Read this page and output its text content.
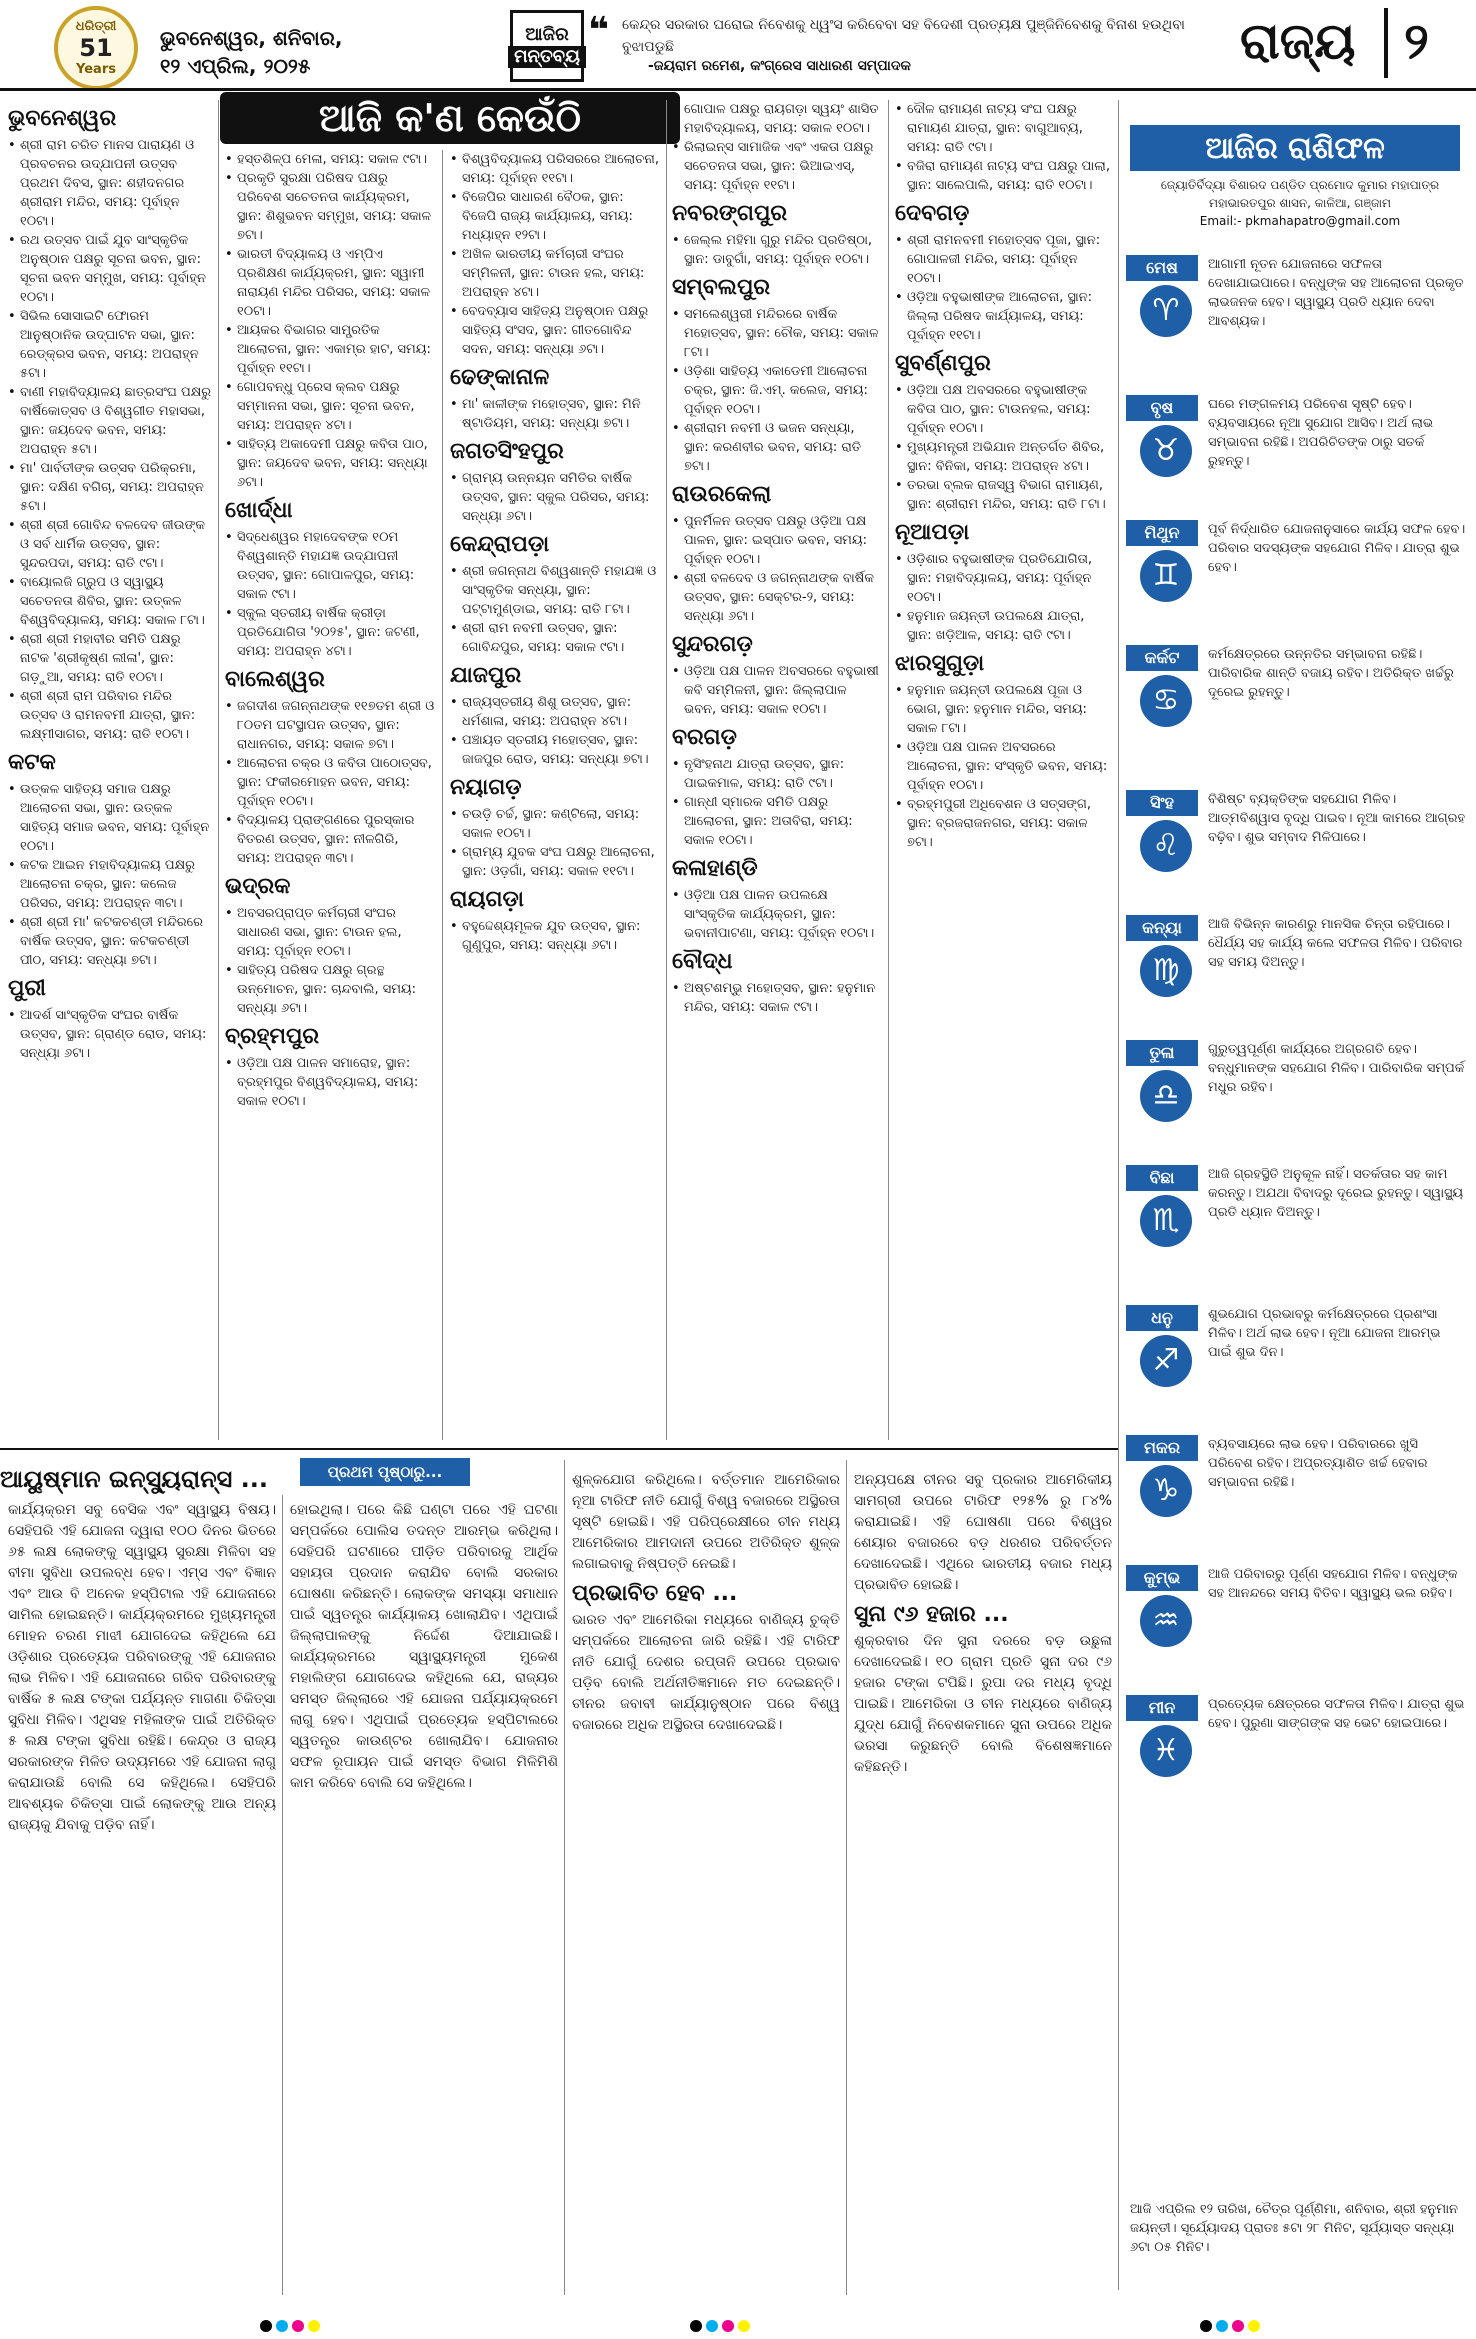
ଧରିତ୍ରୀ
51
Years
ଭୁବନେଶ୍ୱର, ଶନିବାର,
୧୨ ଏପ୍ରିଲ, ୨୦୨୫
ଆଜିର
ମନ୍ତବ୍ୟ
❝ କେନ୍ଦ୍ର ସରକାର ଘରୋଇ ନିବେଶକୁ ଧ୍ୱଂସ କରିବେବା ସହ ବିଦେଶୀ ପ୍ରତ୍ୟକ୍ଷ ପୁଞ୍ଜିନିବେଶକୁ ବିନାଶ ହଉଥିବା ବୁଝାପଡୁଛି
-ଜୟରାମ ରମେଶ, କଂଗ୍ରେସ ସାଧାରଣ ସମ୍ପାଦକ	ରାଜ୍ୟ ୨
ଆଜି କ'ଣ କେଉଁଠି
ଭୁବନେଶ୍ୱର
• ଶ୍ରୀ ରାମ ଚରିତ ମାନସ ପାରାୟଣ ଓ ପ୍ରବଚନର ଉଦ୍‌ଯାପନୀ ଉତ୍ସବ ପ୍ରଥମ ଦିବସ, ସ୍ଥାନ: ଶହୀଦନଗର ଶ୍ରୀରାମ ମନ୍ଦିର, ସମୟ: ପୂର୍ବାହ୍ନ ୧୦ଟା।
• ରଥ ଉତ୍ସବ ପାଇଁ ଯୁବ ସାଂସ୍କୃତିକ ଅନୁଷ୍ଠାନ ପକ୍ଷରୁ ସୂଚନା ଭବନ, ସ୍ଥାନ: ସୂଚନା ଭବନ ସମ୍ମୁଖ, ସମୟ: ପୂର୍ବାହ୍ନ ୧୦ଟା।
• ସିଭିଲ ସୋସାଇଟି ଫୋରମ ଆନୁଷ୍ଠାନିକ ଉଦ୍‌ଘାଟନ ସଭା, ସ୍ଥାନ: ରେଡ୍‌କ୍ରସ ଭବନ, ସମୟ: ଅପରାହ୍ନ ୫ଟା।
• ବାଣୀ ମହାବିଦ୍ୟାଳୟ ଛାତ୍ରସଂଘ ପକ୍ଷରୁ ବାର୍ଷିକୋତ୍ସବ ଓ ବିଶ୍ୱଗୀତ ମହାସଭା, ସ୍ଥାନ: ଜୟଦେବ ଭବନ, ସମୟ: ଅପରାହ୍ନ ୫ଟା।
• ମା' ପାର୍ବତୀଙ୍କ ଉତ୍ସବ ପରିକ୍ରମା, ସ୍ଥାନ: ଦକ୍ଷିଣ ବଗିଚା, ସମୟ: ଅପରାହ୍ନ ୫ଟା।
• ଶ୍ରୀ ଶ୍ରୀ ଗୋବିନ୍ଦ ବଳଦେବ ଜୀଉଙ୍କ ଓ ସର୍ବ ଧାର୍ମିକ ଉତ୍ସବ, ସ୍ଥାନ: ସୁନ୍ଦରପଦା, ସମୟ: ରାତି ୯ଟା।
• ବାୟୋଲଜି ଗ୍ରୁପ ଓ ସ୍ୱାସ୍ଥ୍ୟ ସଚେତନତା ଶିବିର, ସ୍ଥାନ: ଉତ୍କଳ ବିଶ୍ୱବିଦ୍ୟାଳୟ, ସମୟ: ସକାଳ ୮ଟା।
• ଶ୍ରୀ ଶ୍ରୀ ମହାବୀର ସମିତି ପକ୍ଷରୁ ନାଟକ 'ଶ୍ରୀକୃଷ୍ଣ ଲୀଳା', ସ୍ଥାନ: ଗଡ଼ୁଆ, ସମୟ: ରାତି ୧୦ଟା।
• ଶ୍ରୀ ଶ୍ରୀ ରାମ ପରିବାର ମନ୍ଦିର ଉତ୍ସବ ଓ ରାମନବମୀ ଯାତ୍ରା, ସ୍ଥାନ: ଲକ୍ଷ୍ମୀସାଗର, ସମୟ: ରାତି ୧୦ଟା।
କଟକ
• ଉତ୍କଳ ସାହିତ୍ୟ ସମାଜ ପକ୍ଷରୁ ଆଲୋଚନା ସଭା, ସ୍ଥାନ: ଉତ୍କଳ ସାହିତ୍ୟ ସମାଜ ଭବନ, ସମୟ: ପୂର୍ବାହ୍ନ ୧୦ଟା।
• କଟକ ଆଇନ ମହାବିଦ୍ୟାଳୟ ପକ୍ଷରୁ ଆଲୋଚନା ଚକ୍ର, ସ୍ଥାନ: କଲେଜ ପରିସର, ସମୟ: ଅପରାହ୍ନ ୩ଟା।
• ଶ୍ରୀ ଶ୍ରୀ ମା' କଟକଚଣ୍ଡୀ ମନ୍ଦିରରେ ବାର୍ଷିକ ଉତ୍ସବ, ସ୍ଥାନ: କଟକଚଣ୍ଡୀ ପୀଠ, ସମୟ: ସନ୍ଧ୍ୟା ୭ଟା।
ପୁରୀ
• ଆଦର୍ଶ ସାଂସ୍କୃତିକ ସଂଘର ବାର୍ଷିକ ଉତ୍ସବ, ସ୍ଥାନ: ଗ୍ରାଣ୍ଡ ରୋଡ, ସମୟ: ସନ୍ଧ୍ୟା ୬ଟା।
• ହସ୍ତଶିଳ୍ପ ମେଳା, ସମୟ: ସକାଳ ୯ଟା।
• ପ୍ରକୃତି ସୁରକ୍ଷା ପରିଷଦ ପକ୍ଷରୁ ପରିବେଶ ସଚେତନତା କାର୍ଯ୍ୟକ୍ରମ, ସ୍ଥାନ: ଶିଶୁଭବନ ସମ୍ମୁଖ, ସମୟ: ସକାଳ ୭ଟା।
• ଭାରତୀ ବିଦ୍ୟାଳୟ ଓ ଏମ୍‌ପିଏ ପ୍ରଶିକ୍ଷଣ କାର୍ଯ୍ୟକ୍ରମ, ସ୍ଥାନ: ସ୍ୱାମୀ ନାରାୟଣ ମନ୍ଦିର ପରିସର, ସମୟ: ସକାଳ ୧୦ଟା।
• ଆୟକର ବିଭାଗର ସାମ୍ପ୍ରତିକ ଆଲୋଚନା, ସ୍ଥାନ: ଏକାମ୍ର ହାଟ, ସମୟ: ପୂର୍ବାହ୍ନ ୧୧ଟା।
• ଗୋପବନ୍ଧୁ ପ୍ରେସ କ୍ଲବ ପକ୍ଷରୁ ସମ୍ମାନନା ସଭା, ସ୍ଥାନ: ସୂଚନା ଭବନ, ସମୟ: ଅପରାହ୍ନ ୪ଟା।
• ସାହିତ୍ୟ ଅକାଦେମୀ ପକ୍ଷରୁ କବିତା ପାଠ, ସ୍ଥାନ: ଜୟଦେବ ଭବନ, ସମୟ: ସନ୍ଧ୍ୟା ୬ଟା।
ଖୋର୍ଦ୍ଧା
• ସିଦ୍ଧେଶ୍ୱର ମହାଦେବଙ୍କ ୧୦ମ ବିଶ୍ୱଶାନ୍ତି ମହାଯଜ୍ଞ ଉଦ୍‌ଯାପନୀ ଉତ୍ସବ, ସ୍ଥାନ: ଗୋପାଳପୁର, ସମୟ: ସକାଳ ୯ଟା।
• ସ୍କୁଲ ସ୍ତରୀୟ ବାର୍ଷିକ କ୍ରୀଡ଼ା ପ୍ରତିଯୋଗିତା '୨୦୨୫', ସ୍ଥାନ: ଜଟଣୀ, ସମୟ: ଅପରାହ୍ନ ୪ଟା।
ବାଲେଶ୍ୱର
• ଜଗଦୀଶ ଜଗନ୍ନାଥଙ୍କ ୧୧୭ତମ ଶ୍ରୀ ଓ ୮୦ତମ ଘଟସ୍ଥାପନ ଉତ୍ସବ, ସ୍ଥାନ: ରାଧାନଗର, ସମୟ: ସକାଳ ୭ଟା।
• ଆଲୋଚନା ଚକ୍ର ଓ କବିତା ପାଠୋତ୍ସବ, ସ୍ଥାନ: ଫକୀରମୋହନ ଭବନ, ସମୟ: ପୂର୍ବାହ୍ନ ୧୦ଟା।
• ବିଦ୍ୟାଳୟ ପ୍ରାଙ୍ଗଣରେ ପୁରସ୍କାର ବିତରଣ ଉତ୍ସବ, ସ୍ଥାନ: ନୀଳଗିରି, ସମୟ: ଅପରାହ୍ନ ୩ଟା।
ଭଦ୍ରକ
• ଅବସରପ୍ରାପ୍ତ କର୍ମଚାରୀ ସଂଘର ସାଧାରଣ ସଭା, ସ୍ଥାନ: ଟାଉନ ହଲ, ସମୟ: ପୂର୍ବାହ୍ନ ୧୦ଟା।
• ସାହିତ୍ୟ ପରିଷଦ ପକ୍ଷରୁ ଗ୍ରନ୍ଥ ଉନ୍ମୋଚନ, ସ୍ଥାନ: ଚାନ୍ଦବାଲି, ସମୟ: ସନ୍ଧ୍ୟା ୬ଟା।
ବ୍ରହ୍ମପୁର
• ଓଡ଼ିଆ ପକ୍ଷ ପାଳନ ସମାରୋହ, ସ୍ଥାନ: ବ୍ରହ୍ମପୁର ବିଶ୍ୱବିଦ୍ୟାଳୟ, ସମୟ: ସକାଳ ୧୦ଟା।
• ବିଶ୍ୱବିଦ୍ୟାଳୟ ପରିସରରେ ଆଲୋଚନା, ସମୟ: ପୂର୍ବାହ୍ନ ୧୧ଟା।
• ବିଜେପିର ସାଧାରଣ ବୈଠକ, ସ୍ଥାନ: ବିଜେପି ରାଜ୍ୟ କାର୍ଯ୍ୟାଳୟ, ସମୟ: ମଧ୍ୟାହ୍ନ ୧୨ଟା।
• ଅଖିଳ ଭାରତୀୟ କର୍ମଚାରୀ ସଂଘର ସମ୍ମିଳନୀ, ସ୍ଥାନ: ଟାଉନ ହଲ, ସମୟ: ଅପରାହ୍ନ ୪ଟା।
• ବେଦବ୍ୟାସ ସାହିତ୍ୟ ଅନୁଷ୍ଠାନ ପକ୍ଷରୁ ସାହିତ୍ୟ ସଂସଦ, ସ୍ଥାନ: ଗୀତଗୋବିନ୍ଦ ସଦନ, ସମୟ: ସନ୍ଧ୍ୟା ୬ଟା।
ଢେଙ୍କାନାଳ
• ମା' କାଳୀଙ୍କ ମହୋତ୍ସବ, ସ୍ଥାନ: ମିନି ଷ୍ଟାଡିୟମ, ସମୟ: ସନ୍ଧ୍ୟା ୭ଟା।
ଜଗତସିଂହପୁର
• ଗ୍ରାମ୍ୟ ଉନ୍ନୟନ ସମିତିର ବାର୍ଷିକ ଉତ୍ସବ, ସ୍ଥାନ: ସ୍କୁଲ ପରିସର, ସମୟ: ସନ୍ଧ୍ୟା ୬ଟା।
କେନ୍ଦ୍ରାପଡ଼ା
• ଶ୍ରୀ ଜଗନ୍ନାଥ ବିଶ୍ୱଶାନ୍ତି ମହାଯଜ୍ଞ ଓ ସାଂସ୍କୃତିକ ସନ୍ଧ୍ୟା, ସ୍ଥାନ: ପଟ୍ଟାମୁଣ୍ଡାଇ, ସମୟ: ରାତି ୮ଟା।
• ଶ୍ରୀ ରାମ ନବମୀ ଉତ୍ସବ, ସ୍ଥାନ: ଗୋବିନ୍ଦପୁର, ସମୟ: ସକାଳ ୯ଟା।
ଯାଜପୁର
• ରାଜ୍ୟସ୍ତରୀୟ ଶିଶୁ ଉତ୍ସବ, ସ୍ଥାନ: ଧର୍ମଶାଳା, ସମୟ: ଅପରାହ୍ନ ୪ଟା।
• ପଞ୍ଚାୟତ ସ୍ତରୀୟ ମହୋତ୍ସବ, ସ୍ଥାନ: ଜାଜପୁର ରୋଡ, ସମୟ: ସନ୍ଧ୍ୟା ୭ଟା।
ନୟାଗଡ଼
• ଚଉଡ଼ି ଚର୍ଚ୍ଚ, ସ୍ଥାନ: କଣ୍ଟିଲୋ, ସମୟ: ସକାଳ ୧୦ଟା।
• ଗ୍ରାମ୍ୟ ଯୁବକ ସଂଘ ପକ୍ଷରୁ ଆଲୋଚନା, ସ୍ଥାନ: ଓଡ଼ଗାଁ, ସମୟ: ସକାଳ ୧୧ଟା।
ରାୟଗଡ଼ା
• ବହୁଦ୍ଦେଶ୍ୟମୂଳକ ଯୁବ ଉତ୍ସବ, ସ୍ଥାନ: ଗୁଣୁପୁର, ସମୟ: ସନ୍ଧ୍ୟା ୬ଟା।
• ଗୋପାଳ ପକ୍ଷରୁ ରାୟଗଡ଼ା ସ୍ୱୟଂ ଶାସିତ ମହାବିଦ୍ୟାଳୟ, ସମୟ: ସକାଳ ୧୦ଟା।
• ରିଲାଇନ୍ସ ସାମାଜିକ ଏବଂ ଏକତା ପକ୍ଷରୁ ସଚେତନତା ସଭା, ସ୍ଥାନ: ଭିଆଇଏସ୍, ସମୟ: ପୂର୍ବାହ୍ନ ୧୧ଟା।
ନବରଙ୍ଗପୁର
• ଜେଲ୍ଲ ମହିମା ଗୁରୁ ମନ୍ଦିର ପ୍ରତିଷ୍ଠା, ସ୍ଥାନ: ଡାବୁଗାଁ, ସମୟ: ପୂର୍ବାହ୍ନ ୧୦ଟା।
ସମ୍ବଲପୁର
• ସମଲେଶ୍ୱରୀ ମନ୍ଦିରରେ ବାର୍ଷିକ ମହୋତ୍ସବ, ସ୍ଥାନ: ଚୌକ, ସମୟ: ସକାଳ ୮ଟା।
• ଓଡ଼ିଶା ସାହିତ୍ୟ ଏକାଡେମୀ ଆଲୋଚନା ଚକ୍ର, ସ୍ଥାନ: ଜି.ଏମ୍. କଲେଜ, ସମୟ: ପୂର୍ବାହ୍ନ ୧୦ଟା।
• ଶ୍ରୀରାମ ନବମୀ ଓ ଭଜନ ସନ୍ଧ୍ୟା, ସ୍ଥାନ: କରଣବୀର ଭବନ, ସମୟ: ରାତି ୭ଟା।
ରାଉରକେଲା
• ପୁନର୍ମିଳନ ଉତ୍ସବ ପକ୍ଷରୁ ଓଡ଼ିଆ ପକ୍ଷ ପାଳନ, ସ୍ଥାନ: ଇସ୍ପାତ ଭବନ, ସମୟ: ପୂର୍ବାହ୍ନ ୧୦ଟା।
• ଶ୍ରୀ ବଳଦେବ ଓ ଜଗନ୍ନାଥଙ୍କ ବାର୍ଷିକ ଉତ୍ସବ, ସ୍ଥାନ: ସେକ୍ଟର-୨, ସମୟ: ସନ୍ଧ୍ୟା ୬ଟା।
ସୁନ୍ଦରଗଡ଼
• ଓଡ଼ିଆ ପକ୍ଷ ପାଳନ ଅବସରରେ ବହୁଭାଷୀ କବି ସମ୍ମିଳନୀ, ସ୍ଥାନ: ଜିଲ୍ଲାପାଳ ଭବନ, ସମୟ: ସକାଳ ୧୦ଟା।
ବରଗଡ଼
• ନୃସିଂହନାଥ ଯାତ୍ରା ଉତ୍ସବ, ସ୍ଥାନ: ପାଇକମାଳ, ସମୟ: ରାତି ୯ଟା।
• ଗାନ୍ଧୀ ସ୍ମାରକ ସମିତି ପକ୍ଷରୁ ଆଲୋଚନା, ସ୍ଥାନ: ଅତାବିରା, ସମୟ: ସକାଳ ୧୦ଟା।
କଳାହାଣ୍ଡି
• ଓଡ଼ିଆ ପକ୍ଷ ପାଳନ ଉପଲକ୍ଷେ ସାଂସ୍କୃତିକ କାର୍ଯ୍ୟକ୍ରମ, ସ୍ଥାନ: ଭବାନୀପାଟଣା, ସମୟ: ପୂର୍ବାହ୍ନ ୧୦ଟା।
ବୌଦ୍ଧ
• ଅଷ୍ଟଶମ୍ଭୁ ମହୋତ୍ସବ, ସ୍ଥାନ: ହନୁମାନ ମନ୍ଦିର, ସମୟ: ସକାଳ ୯ଟା।
• ଦୌଳ ରାମାୟଣ ନାଟ୍ୟ ସଂଘ ପକ୍ଷରୁ ରାମାୟଣ ଯାତ୍ରା, ସ୍ଥାନ: ବାଗୁଆବ୍ୟ, ସମୟ: ରାତି ୯ଟା।
• ବଜିରା ରାମାୟଣ ନାଟ୍ୟ ସଂଘ ପକ୍ଷରୁ ପାଲା, ସ୍ଥାନ: ସାଲେପାଲି, ସମୟ: ରାତି ୧୦ଟା।
ଦେବଗଡ଼
• ଶ୍ରୀ ରାମନବମୀ ମହୋତ୍ସବ ପୂଜା, ସ୍ଥାନ: ଗୋପାଳଜୀ ମନ୍ଦିର, ସମୟ: ପୂର୍ବାହ୍ନ ୧୦ଟା।
• ଓଡ଼ିଆ ବହୁଭାଷୀଙ୍କ ଆଲୋଚନା, ସ୍ଥାନ: ଜିଲ୍ଲା ପରିଷଦ କାର୍ଯ୍ୟାଳୟ, ସମୟ: ପୂର୍ବାହ୍ନ ୧୧ଟା।
ସୁବର୍ଣ୍ଣପୁର
• ଓଡ଼ିଆ ପକ୍ଷ ଅବସରରେ ବହୁଭାଷୀଙ୍କ କବିତା ପାଠ, ସ୍ଥାନ: ଟାଉନହଲ, ସମୟ: ପୂର୍ବାହ୍ନ ୧୦ଟା।
• ମୁଖ୍ୟମନ୍ତ୍ରୀ ଅଭିଯାନ ଅନ୍ତର୍ଗତ ଶିବିର, ସ୍ଥାନ: ବିନିକା, ସମୟ: ଅପରାହ୍ନ ୪ଟା।
• ତରଭା ବ୍ଲକ ରାଜସ୍ୱ ବିଭାଗ ରାମାୟଣ, ସ୍ଥାନ: ଶ୍ରୀରାମ ମନ୍ଦିର, ସମୟ: ରାତି ୮ଟା।
ନୂଆପଡ଼ା
• ଓଡ଼ିଶାର ବହୁଭାଷୀଙ୍କ ପ୍ରତିଯୋଗିତା, ସ୍ଥାନ: ମହାବିଦ୍ୟାଳୟ, ସମୟ: ପୂର୍ବାହ୍ନ ୧୦ଟା।
• ହନୁମାନ ଜୟନ୍ତୀ ଉପଲକ୍ଷେ ଯାତ୍ରା, ସ୍ଥାନ: ଖଡ଼ିଆଳ, ସମୟ: ରାତି ୯ଟା।
ଝାରସୁଗୁଡ଼ା
• ହନୁମାନ ଜୟନ୍ତୀ ଉପଲକ୍ଷେ ପୂଜା ଓ ଭୋଗ, ସ୍ଥାନ: ହନୁମାନ ମନ୍ଦିର, ସମୟ: ସକାଳ ୮ଟା।
• ଓଡ଼ିଆ ପକ୍ଷ ପାଳନ ଅବସରରେ ଆଲୋଚନା, ସ୍ଥାନ: ସଂସ୍କୃତି ଭବନ, ସମୟ: ପୂର୍ବାହ୍ନ ୧୦ଟା।
• ବ୍ରହ୍ମପୁରୀ ଅଧିବେଶନ ଓ ସତ୍‌ସଙ୍ଗ, ସ୍ଥାନ: ବ୍ରଜରାଜନଗର, ସମୟ: ସକାଳ ୭ଟା।
ଆଜିର ରାଶିଫଳ
ଜ୍ୟୋତିର୍ବିଦ୍ୟା ବିଶାରଦ ପଣ୍ଡିତ ପ୍ରମୋଦ କୁମାର ମହାପାତ୍ର
ମହାଭାରତପୁର ଶାସନ, କାଳିଆ, ଗଞ୍ଜାମ
Email:- pkmahapatro@gmail.com
ମେଷ
♈
ଆଗାମୀ ନୂତନ ଯୋଜନାରେ ସଫଳତା ଦେଖାଯାଇପାରେ। ବନ୍ଧୁଙ୍କ ସହ ଆଲୋଚନା ପ୍ରକୃତ ଲାଭଜନକ ହେବ। ସ୍ୱାସ୍ଥ୍ୟ ପ୍ରତି ଧ୍ୟାନ ଦେବା ଆବଶ୍ୟକ।
ବୃଷ
♉
ଘରେ ମଙ୍ଗଳମୟ ପରିବେଶ ସୃଷ୍ଟି ହେବ। ବ୍ୟବସାୟରେ ନୂଆ ସୁଯୋଗ ଆସିବ। ଅର୍ଥ ଲାଭ ସମ୍ଭାବନା ରହିଛି। ଅପରିଚିତଙ୍କ ଠାରୁ ସତର୍କ ରୁହନ୍ତୁ।
ମିଥୁନ
♊
ପୂର୍ବ ନିର୍ଦ୍ଧାରିତ ଯୋଜନାନୁସାରେ କାର୍ଯ୍ୟ ସଫଳ ହେବ। ପରିବାର ସଦସ୍ୟଙ୍କ ସହଯୋଗ ମିଳିବ। ଯାତ୍ରା ଶୁଭ ହେବ।
କର୍କଟ
♋
କର୍ମକ୍ଷେତ୍ରରେ ଉନ୍ନତିର ସମ୍ଭାବନା ରହିଛି। ପାରିବାରିକ ଶାନ୍ତି ବଜାୟ ରହିବ। ଅତିରିକ୍ତ ଖର୍ଚ୍ଚରୁ ଦୂରେଇ ରୁହନ୍ତୁ।
ସିଂହ
♌
ବିଶିଷ୍ଟ ବ୍ୟକ୍ତିଙ୍କ ସହଯୋଗ ମିଳିବ। ଆତ୍ମବିଶ୍ୱାସ ବୃଦ୍ଧି ପାଇବ। ନୂଆ କାମରେ ଆଗ୍ରହ ବଢ଼ିବ। ଶୁଭ ସମ୍ବାଦ ମିଳିପାରେ।
କନ୍ୟା
♍
ଆଜି ବିଭିନ୍ନ କାରଣରୁ ମାନସିକ ଚିନ୍ତା ରହିପାରେ। ଧୈର୍ଯ୍ୟ ସହ କାର୍ଯ୍ୟ କଲେ ସଫଳତା ମିଳିବ। ପରିବାର ସହ ସମୟ ଦିଅନ୍ତୁ।
ତୁଳା
♎
ଗୁରୁତ୍ୱପୂର୍ଣ୍ଣ କାର୍ଯ୍ୟରେ ଅଗ୍ରଗତି ହେବ। ବନ୍ଧୁମାନଙ୍କ ସହଯୋଗ ମିଳିବ। ପାରିବାରିକ ସମ୍ପର୍କ ମଧୁର ରହିବ।
ବିଛା
♏
ଆଜି ଗ୍ରହସ୍ଥିତି ଅନୁକୂଳ ନାହିଁ। ସତର୍କତାର ସହ କାମ କରନ୍ତୁ। ଅଯଥା ବିବାଦରୁ ଦୂରେଇ ରୁହନ୍ତୁ। ସ୍ୱାସ୍ଥ୍ୟ ପ୍ରତି ଧ୍ୟାନ ଦିଅନ୍ତୁ।
ଧନୁ
♐
ଶୁଭଯୋଗ ପ୍ରଭାବରୁ କର୍ମକ୍ଷେତ୍ରରେ ପ୍ରଶଂସା ମିଳିବ। ଅର୍ଥ ଲାଭ ହେବ। ନୂଆ ଯୋଜନା ଆରମ୍ଭ ପାଇଁ ଶୁଭ ଦିନ।
ମକର
♑
ବ୍ୟବସାୟରେ ଲାଭ ହେବ। ପରିବାରରେ ଖୁସି ପରିବେଶ ରହିବ। ଅପ୍ରତ୍ୟାଶିତ ଖର୍ଚ୍ଚ ହେବାର ସମ୍ଭାବନା ରହିଛି।
କୁମ୍ଭ
♒
ଆଜି ପରିବାରରୁ ପୂର୍ଣ୍ଣ ସହଯୋଗ ମିଳିବ। ବନ୍ଧୁଙ୍କ ସହ ଆନନ୍ଦରେ ସମୟ ବିତିବ। ସ୍ୱାସ୍ଥ୍ୟ ଭଲ ରହିବ।
ମୀନ
♓
ପ୍ରତ୍ୟେକ କ୍ଷେତ୍ରରେ ସଫଳତା ମିଳିବ। ଯାତ୍ରା ଶୁଭ ହେବ। ପୁରୁଣା ସାଙ୍ଗଙ୍କ ସହ ଭେଟ ହୋଇପାରେ।
ଆଜି ଏପ୍ରିଲ ୧୨ ତାରିଖ, ଚୈତ୍ର ପୂର୍ଣ୍ଣିମା, ଶନିବାର, ଶ୍ରୀ ହନୁମାନ ଜୟନ୍ତୀ। ସୂର୍ଯ୍ୟୋଦୟ ପ୍ରାତଃ ୫ଟା ୨୮ ମିନିଟ, ସୂର୍ଯ୍ୟାସ୍ତ ସନ୍ଧ୍ୟା ୬ଟା ୦୫ ମିନିଟ।
ଆୟୁଷ୍ମାନ ଇନ୍ସ୍ୟୁରାନ୍ସ ...	ପ୍ରଥମ ପୃଷ୍ଠାରୁ...

କାର୍ଯ୍ୟକ୍ରମ ସବୁ ବେସିକ ଏବଂ ସ୍ୱାସ୍ଥ୍ୟ ବିଷୟ। ସେହିପରି ଏହି ଯୋଜନା ଦ୍ୱାରା ୧୦୦ ଦିନର ଭିତରେ ୬୫ ଲକ୍ଷ ଲୋକଙ୍କୁ ସ୍ୱାସ୍ଥ୍ୟ ସୁରକ୍ଷା ମିଳିବା ସହ ବୀମା ସୁବିଧା ଉପଲବ୍ଧ ହେବ। ଏମ୍ସ ଏବଂ ବିଜ୍ଞାନ ଏବଂ ଆଉ ବି ଅନେକ ହସ୍ପିଟାଲ ଏହି ଯୋଜନାରେ ସାମିଲ ହୋଇଛନ୍ତି। କାର୍ଯ୍ୟକ୍ରମରେ ମୁଖ୍ୟମନ୍ତ୍ରୀ ମୋହନ ଚରଣ ମାଝୀ ଯୋଗଦେଇ କହିଥିଲେ ଯେ ଓଡ଼ିଶାର ପ୍ରତ୍ୟେକ ପରିବାରଙ୍କୁ ଏହି ଯୋଜନାର ଲାଭ ମିଳିବ। ଏହି ଯୋଜନାରେ ଗରିବ ପରିବାରଙ୍କୁ ବାର୍ଷିକ ୫ ଲକ୍ଷ ଟଙ୍କା ପର୍ଯ୍ୟନ୍ତ ମାଗଣା ଚିକିତ୍ସା ସୁବିଧା ମିଳିବ। ଏଥିସହ ମହିଳାଙ୍କ ପାଇଁ ଅତିରିକ୍ତ ୫ ଲକ୍ଷ ଟଙ୍କା ସୁବିଧା ରହିଛି। କେନ୍ଦ୍ର ଓ ରାଜ୍ୟ ସରକାରଙ୍କ ମିଳିତ ଉଦ୍ୟମରେ ଏହି ଯୋଜନା ଲାଗୁ କରାଯାଉଛି ବୋଲି ସେ କହିଥିଲେ। ସେହିପରି ଆବଶ୍ୟକ ଚିକିତ୍ସା ପାଇଁ ଲୋକଙ୍କୁ ଆଉ ଅନ୍ୟ ରାଜ୍ୟକୁ ଯିବାକୁ ପଡ଼ିବ ନାହିଁ।

ହୋଇଥିଲା। ପରେ କିଛି ଘଣ୍ଟା ପରେ ଏହି ଘଟଣା ସମ୍ପର୍କରେ ପୋଲିସ ତଦନ୍ତ ଆରମ୍ଭ କରିଥିଲା। ସେହିପରି ଘଟଣାରେ ପୀଡ଼ିତ ପରିବାରକୁ ଆର୍ଥିକ ସହାୟତା ପ୍ରଦାନ କରାଯିବ ବୋଲି ସରକାର ଘୋଷଣା କରିଛନ୍ତି। ଲୋକଙ୍କ ସମସ୍ୟା ସମାଧାନ ପାଇଁ ସ୍ୱତନ୍ତ୍ର କାର୍ଯ୍ୟାଳୟ ଖୋଲାଯିବ। ଏଥିପାଇଁ ଜିଲ୍ଲାପାଳଙ୍କୁ ନିର୍ଦ୍ଦେଶ ଦିଆଯାଇଛି। କାର୍ଯ୍ୟକ୍ରମରେ ସ୍ୱାସ୍ଥ୍ୟମନ୍ତ୍ରୀ ମୁକେଶ ମହାଲିଙ୍ଗ ଯୋଗଦେଇ କହିଥିଲେ ଯେ, ରାଜ୍ୟର ସମସ୍ତ ଜିଲ୍ଲାରେ ଏହି ଯୋଜନା ପର୍ଯ୍ୟାୟକ୍ରମେ ଲାଗୁ ହେବ। ଏଥିପାଇଁ ପ୍ରତ୍ୟେକ ହସ୍ପିଟାଲରେ ସ୍ୱତନ୍ତ୍ର କାଉଣ୍ଟର ଖୋଲାଯିବ। ଯୋଜନାର ସଫଳ ରୂପାୟନ ପାଇଁ ସମସ୍ତ ବିଭାଗ ମିଳିମିଶି କାମ କରିବେ ବୋଲି ସେ କହିଥିଲେ।

ଶୁଳ୍କଯୋଗ କରିଥିଲେ। ବର୍ତ୍ତମାନ ଆମେରିକାର ନୂଆ ଟାରିଫ ନୀତି ଯୋଗୁଁ ବିଶ୍ୱ ବଜାରରେ ଅସ୍ଥିରତା ସୃଷ୍ଟି ହୋଇଛି। ଏହି ପରିପ୍ରେକ୍ଷୀରେ ଚୀନ ମଧ୍ୟ ଆମେରିକାର ଆମଦାନୀ ଉପରେ ଅତିରିକ୍ତ ଶୁଳ୍କ ଲଗାଇବାକୁ ନିଷ୍ପତ୍ତି ନେଇଛି।

ପ୍ରଭାବିତ ହେବ ...

ଭାରତ ଏବଂ ଆମେରିକା ମଧ୍ୟରେ ବାଣିଜ୍ୟ ଚୁକ୍ତି ସମ୍ପର୍କରେ ଆଲୋଚନା ଜାରି ରହିଛି। ଏହି ଟାରିଫ ନୀତି ଯୋଗୁଁ ଦେଶର ରପ୍ତାନି ଉପରେ ପ୍ରଭାବ ପଡ଼ିବ ବୋଲି ଅର୍ଥନୀତିଜ୍ଞମାନେ ମତ ଦେଇଛନ୍ତି। ଚୀନର ଜବାବୀ କାର୍ଯ୍ୟାନୁଷ୍ଠାନ ପରେ ବିଶ୍ୱ ବଜାରରେ ଅଧିକ ଅସ୍ଥିରତା ଦେଖାଦେଇଛି।

ଅନ୍ୟପକ୍ଷେ ଚୀନର ସବୁ ପ୍ରକାର ଆମେରିକୀୟ ସାମଗ୍ରୀ ଉପରେ ଟାରିଫ ୧୨୫% ରୁ ୮୪% କରାଯାଇଛି। ଏହି ଘୋଷଣା ପରେ ବିଶ୍ୱର ଶେୟାର ବଜାରରେ ବଡ଼ ଧରଣର ପରିବର୍ତ୍ତନ ଦେଖାଦେଇଛି। ଏଥିରେ ଭାରତୀୟ ବଜାର ମଧ୍ୟ ପ୍ରଭାବିତ ହୋଇଛି।

ସୁନା ୯୬ ହଜାର ...

ଶୁକ୍ରବାର ଦିନ ସୁନା ଦରରେ ବଡ଼ ଉଛୁଳା ଦେଖାଦେଇଛି। ୧୦ ଗ୍ରାମ ପ୍ରତି ସୁନା ଦର ୯୬ ହଜାର ଟଙ୍କା ଟପିଛି। ରୁପା ଦର ମଧ୍ୟ ବୃଦ୍ଧି ପାଇଛି। ଆମେରିକା ଓ ଚୀନ ମଧ୍ୟରେ ବାଣିଜ୍ୟ ଯୁଦ୍ଧ ଯୋଗୁଁ ନିବେଶକମାନେ ସୁନା ଉପରେ ଅଧିକ ଭରସା କରୁଛନ୍ତି ବୋଲି ବିଶେଷଜ୍ଞମାନେ କହିଛନ୍ତି।
